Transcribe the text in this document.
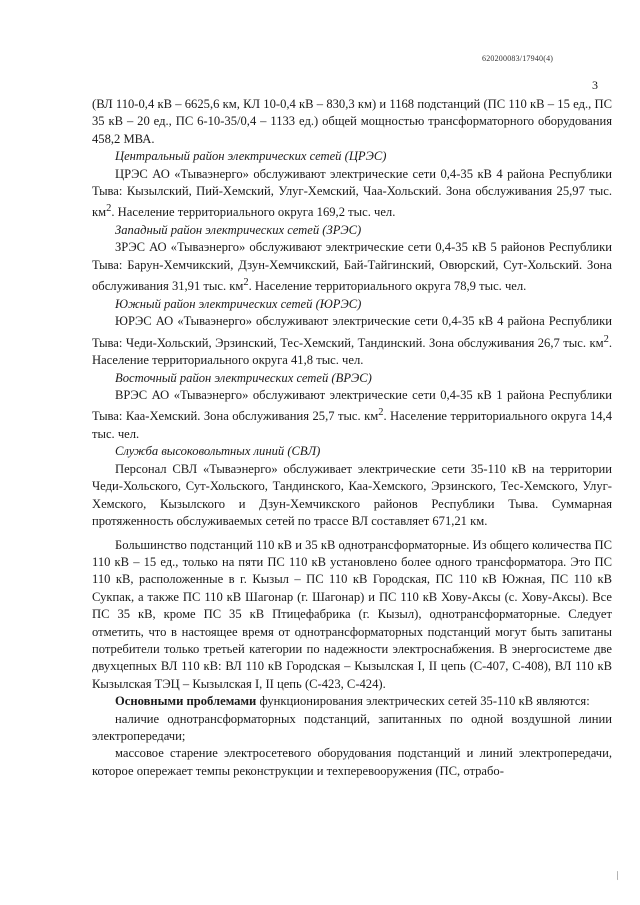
620200083/17940(4)
3

(ВЛ 110-0,4 кВ – 6625,6 км, КЛ 10-0,4 кВ – 830,3 км) и 1168 подстанций (ПС 110 кВ – 15 ед., ПС 35 кВ – 20 ед., ПС 6-10-35/0,4 – 1133 ед.) общей мощностью трансформаторного оборудования 458,2 МВА.

Центральный район электрических сетей (ЦРЭС)

ЦРЭС АО «Тываэнерго» обслуживают электрические сети 0,4-35 кВ 4 района Республики Тыва: Кызылский, Пий-Хемский, Улуг-Хемский, Чаа-Хольский. Зона обслуживания 25,97 тыс. $км^2$. Население территориального округа 169,2 тыс. чел.

Западный район электрических сетей (ЗРЭС)

ЗРЭС АО «Тываэнерго» обслуживают электрические сети 0,4-35 кВ 5 районов Республики Тыва: Барун-Хемчикский, Дзун-Хемчикский, Бай-Тайгинский, Овюрский, Сут-Хольский. Зона обслуживания 31,91 тыс. $км^2$. Население территориального округа 78,9 тыс. чел.

Южный район электрических сетей (ЮРЭС)

ЮРЭС АО «Тываэнерго» обслуживают электрические сети 0,4-35 кВ 4 района Республики Тыва: Чеди-Хольский, Эрзинский, Тес-Хемский, Тандинский. Зона обслуживания 26,7 тыс. $км^2$. Население территориального округа 41,8 тыс. чел.

Восточный район электрических сетей (ВРЭС)

ВРЭС АО «Тываэнерго» обслуживают электрические сети 0,4-35 кВ 1 района Республики Тыва: Каа-Хемский. Зона обслуживания 25,7 тыс. $км^2$. Население территориального округа 14,4 тыс. чел.

Служба высоковольтных линий (СВЛ)

Персонал СВЛ «Тываэнерго» обслуживает электрические сети 35-110 кВ на территории Чеди-Хольского, Сут-Хольского, Тандинского, Каа-Хемского, Эрзинского, Тес-Хемского, Улуг-Хемского, Кызылского и Дзун-Хемчикского районов Республики Тыва. Суммарная протяженность обслуживаемых сетей по трассе ВЛ составляет 671,21 км.

Большинство подстанций 110 кВ и 35 кВ однотрансформаторные. Из общего количества ПС 110 кВ – 15 ед., только на пяти ПС 110 кВ установлено более одного трансформатора. Это ПС 110 кВ, расположенные в г. Кызыл – ПС 110 кВ Городская, ПС 110 кВ Южная, ПС 110 кВ Сукпак, а также ПС 110 кВ Шагонар (г. Шагонар) и ПС 110 кВ Хову-Аксы (с. Хову-Аксы). Все ПС 35 кВ, кроме ПС 35 кВ Птицефабрика (г. Кызыл), однотрансформаторные. Следует отметить, что в настоящее время от однотрансформаторных подстанций могут быть запитаны потребители только третьей категории по надежности электроснабжения. В энергосистеме две двухцепных ВЛ 110 кВ: ВЛ 110 кВ Городская – Кызылская I, II цепь (С-407, С-408), ВЛ 110 кВ Кызылская ТЭЦ – Кызылская I, II цепь (С-423, С-424).

Основными проблемами функционирования электрических сетей 35-110 кВ являются:

наличие однотрансформаторных подстанций, запитанных по одной воздушной линии электропередачи;

массовое старение электросетевого оборудования подстанций и линий электропередачи, которое опережает темпы реконструкции и техперевооружения (ПС, отрабо-

⁄
